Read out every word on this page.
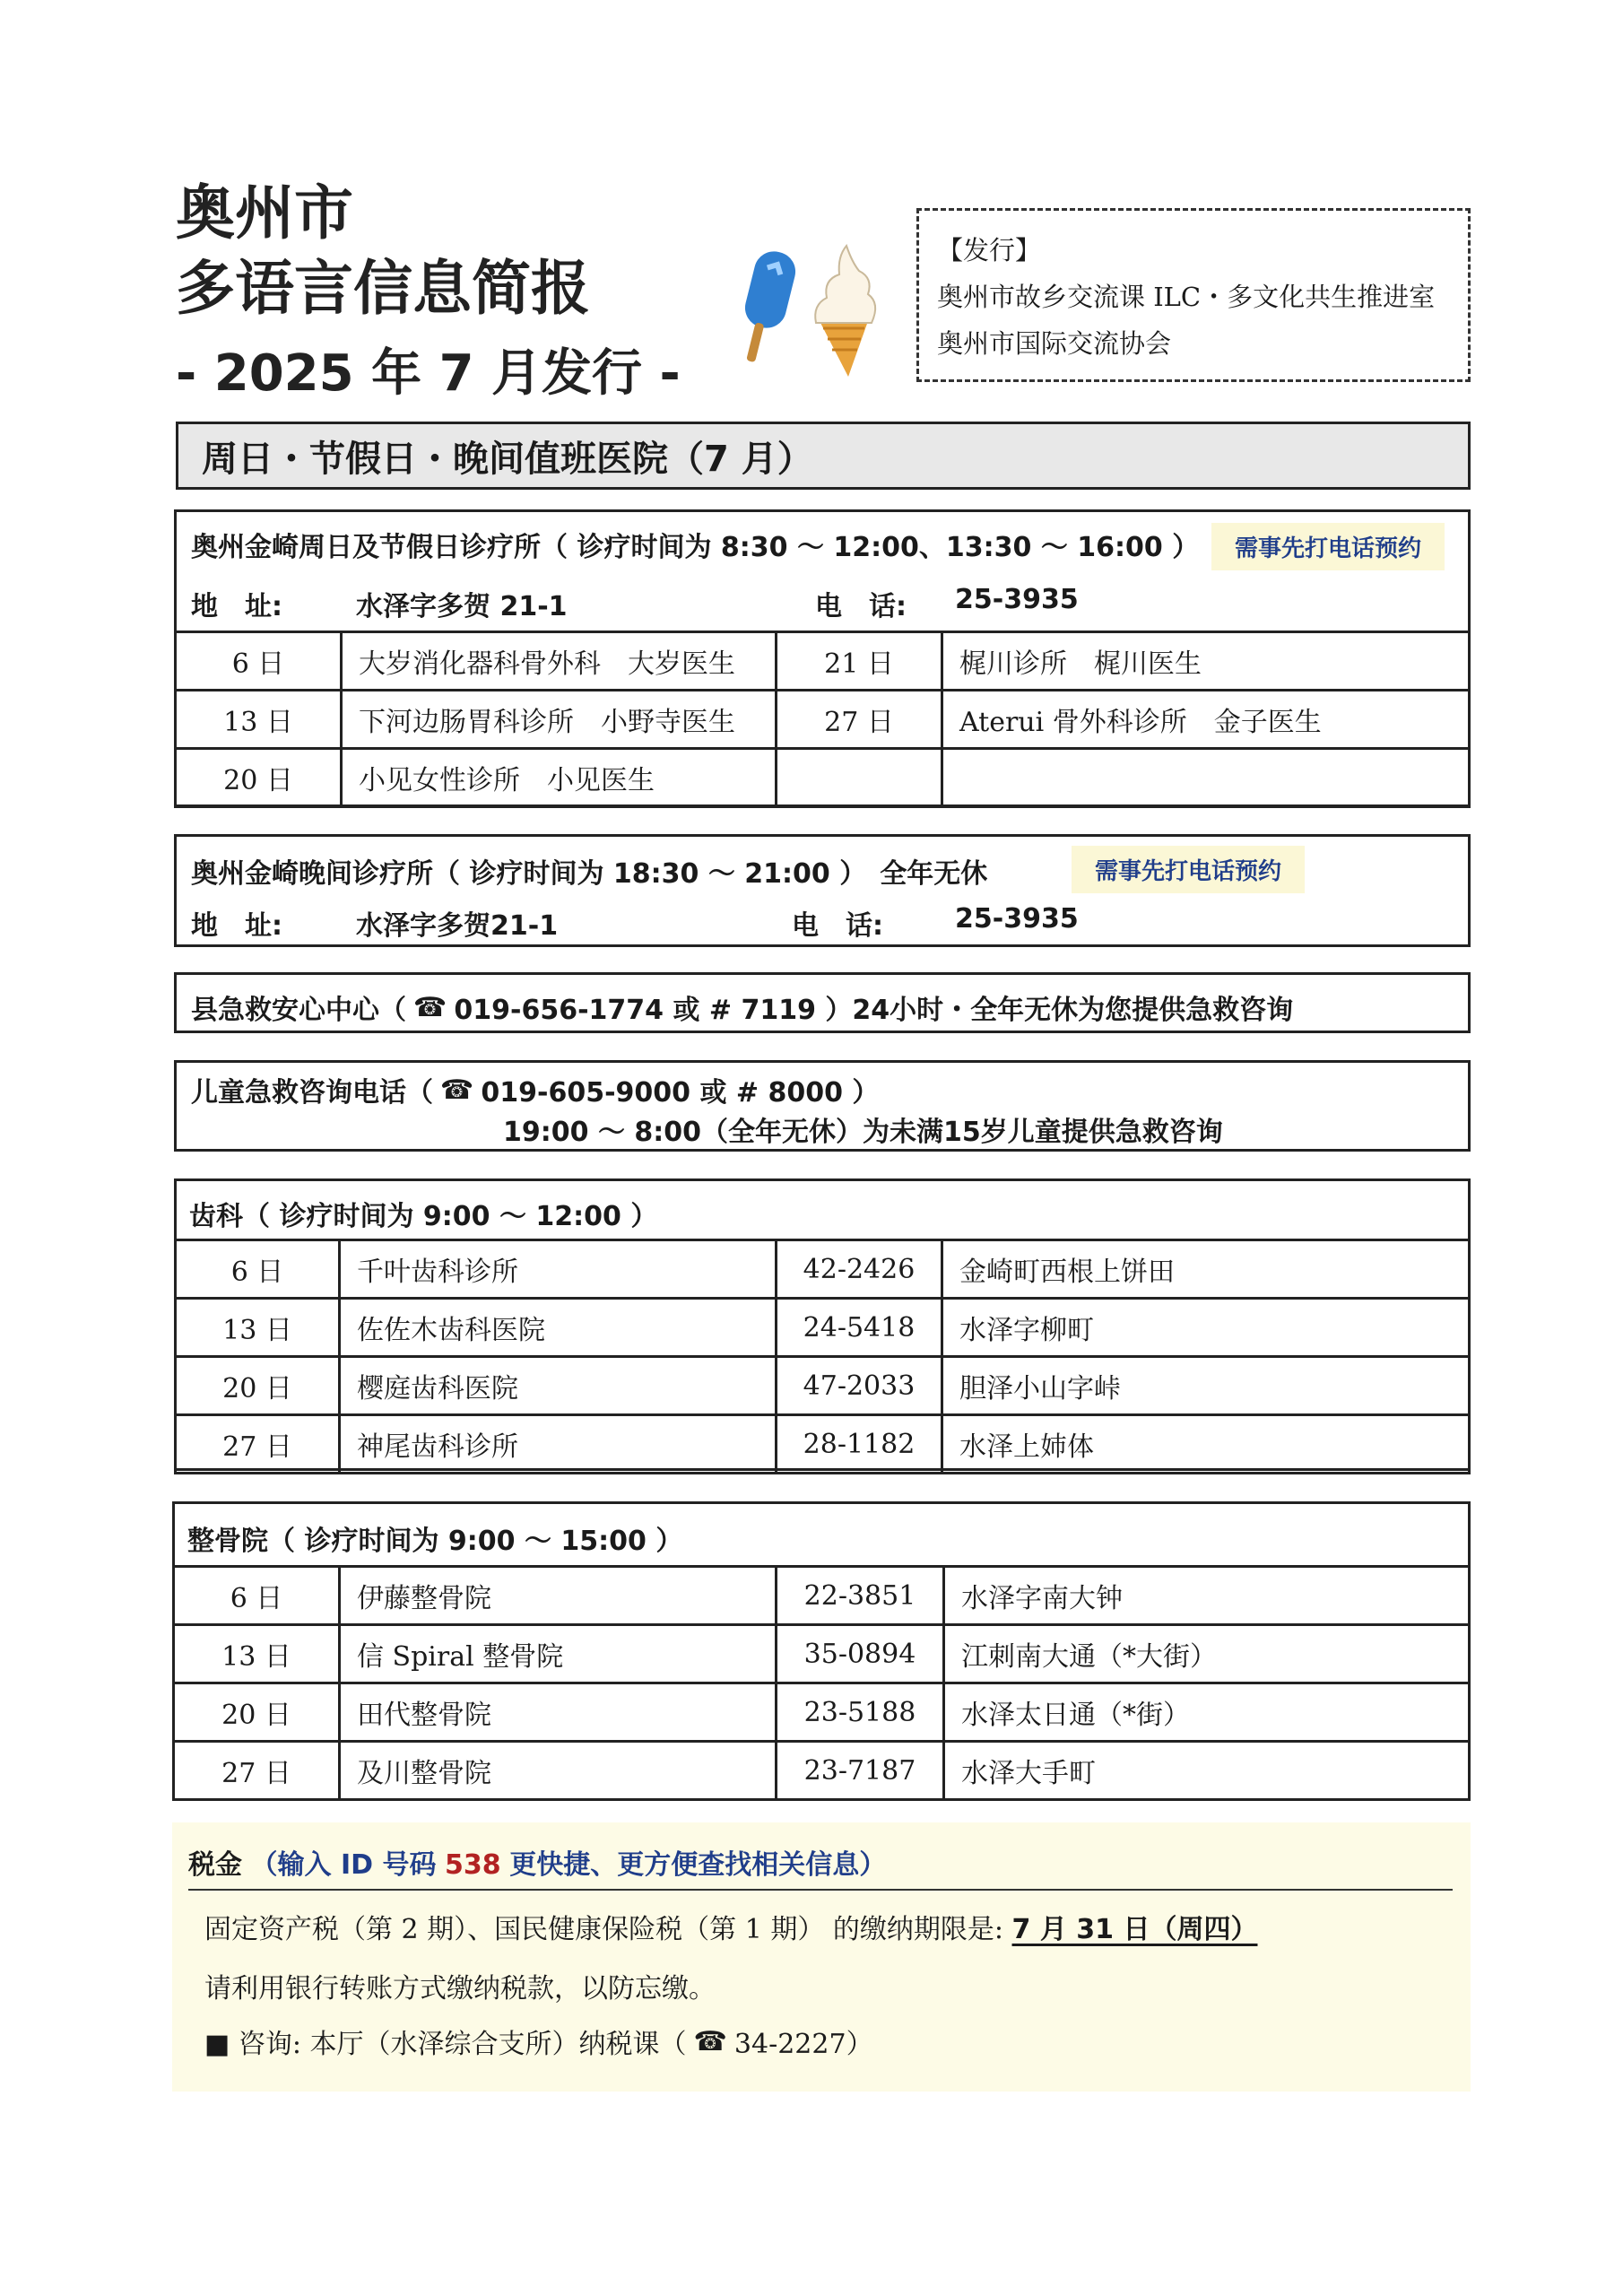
奥州市
多语言信息简报
- 2025 年 7 月发行 -
【发行】
奥州市故乡交流课 ILC・多文化共生推进室
奥州市国际交流协会
周日・节假日・晚间值班医院（7 月）
奥州金崎周日及节假日诊疗所（ 诊疗时间为 8:30 ～ 12:00、13:30 ～ 16:00 ）	需事先打电话预约
地　址:	水泽字多贺 21-1	电　话: 25-3935
6 日	大岁消化器科骨外科　大岁医生	21 日	梶川诊所　梶川医生
13 日	下河边肠胃科诊所　小野寺医生	27 日	Aterui 骨外科诊所　金子医生
20 日	小见女性诊所　小见医生		
奥州金崎晚间诊疗所（ 诊疗时间为 18:30 ～ 21:00 ）　全年无休	需事先打电话预约
地　址:	水泽字多贺21-1	电　话:	25-3935
县急救安心中心（ ☎ 019-656-1774 或 # 7119 ）24小时・全年无休为您提供急救咨询
儿童急救咨询电话（ ☎ 019-605-9000 或 # 8000 ）
19:00 ～ 8:00（全年无休）为未满15岁儿童提供急救咨询
齿科（ 诊疗时间为 9:00 ～ 12:00 ）
6 日	千叶齿科诊所	42-2426	金崎町西根上饼田
13 日	佐佐木齿科医院	24-5418	水泽字柳町
20 日	樱庭齿科医院	47-2033	胆泽小山字峠
27 日	神尾齿科诊所	28-1182	水泽上姉体
整骨院（ 诊疗时间为 9:00 ～ 15:00 ）
6 日	伊藤整骨院	22-3851	水泽字南大钟
13 日	信 Spiral 整骨院	35-0894	江刺南大通（*大街）
20 日	田代整骨院	23-5188	水泽太日通（*街）
27 日	及川整骨院	23-7187	水泽大手町
税金 （输入 ID 号码 538 更快捷、更方便查找相关信息）
固定资产税（第 2 期）、国民健康保险税（第 1 期） 的缴纳期限是: 7 月 31 日（周四）
请利用银行转账方式缴纳税款，以防忘缴。
■ 咨询: 本厅（水泽综合支所）纳税课（ ☎ 34-2227）
